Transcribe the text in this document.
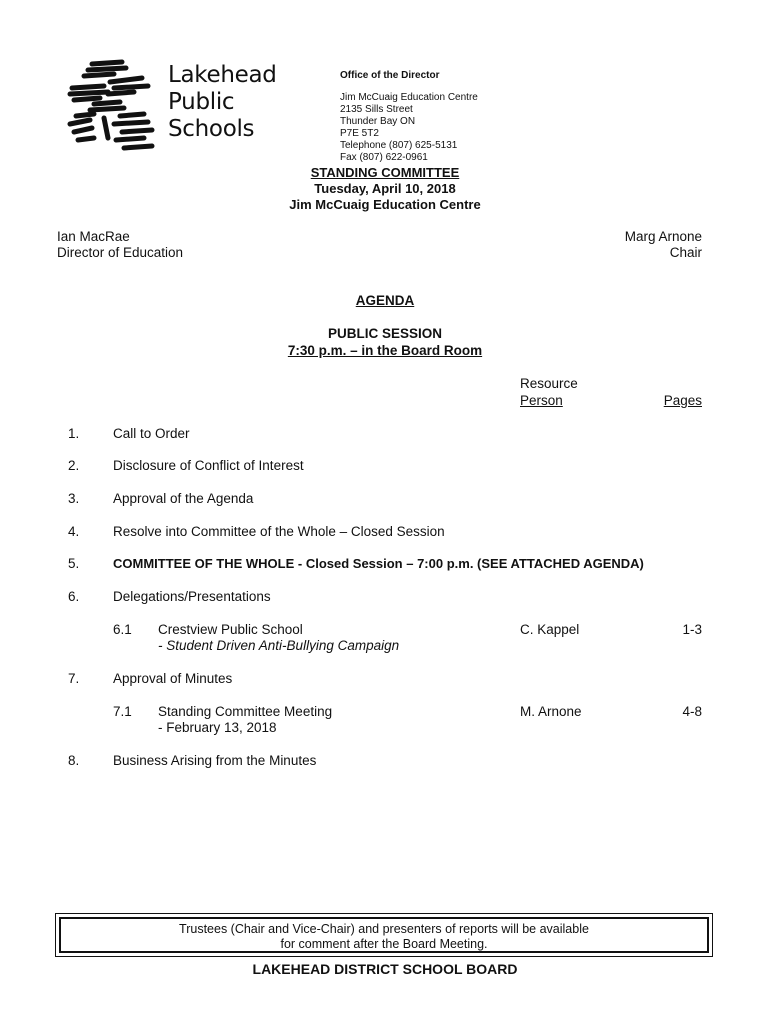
Lakehead
Public
Schools
Office of the Director
Jim McCuaig Education Centre
2135 Sills Street
Thunder Bay ON
P7E 5T2
Telephone (807) 625-5131
Fax (807) 622-0961
STANDING COMMITTEE
Tuesday, April 10, 2018
Jim McCuaig Education Centre
Ian MacRae
Director of Education
Marg Arnone
Chair
AGENDA
PUBLIC SESSION
7:30 p.m. – in the Board Room
Resource
Person	Pages
1. Call to Order
2. Disclosure of Conflict of Interest
3. Approval of the Agenda
4. Resolve into Committee of the Whole – Closed Session
5.	COMMITTEE OF THE WHOLE - Closed Session – 7:00 p.m. (SEE ATTACHED AGENDA)
6. Delegations/Presentations
6.1 Crestview Public School
- Student Driven Anti-Bullying Campaign
C. Kappel	1-3
7. Approval of Minutes
7.1 Standing Committee Meeting
- February 13, 2018
M. Arnone	4-8
8. Business Arising from the Minutes
Trustees (Chair and Vice-Chair) and presenters of reports will be available
for comment after the Board Meeting.
LAKEHEAD DISTRICT SCHOOL BOARD
